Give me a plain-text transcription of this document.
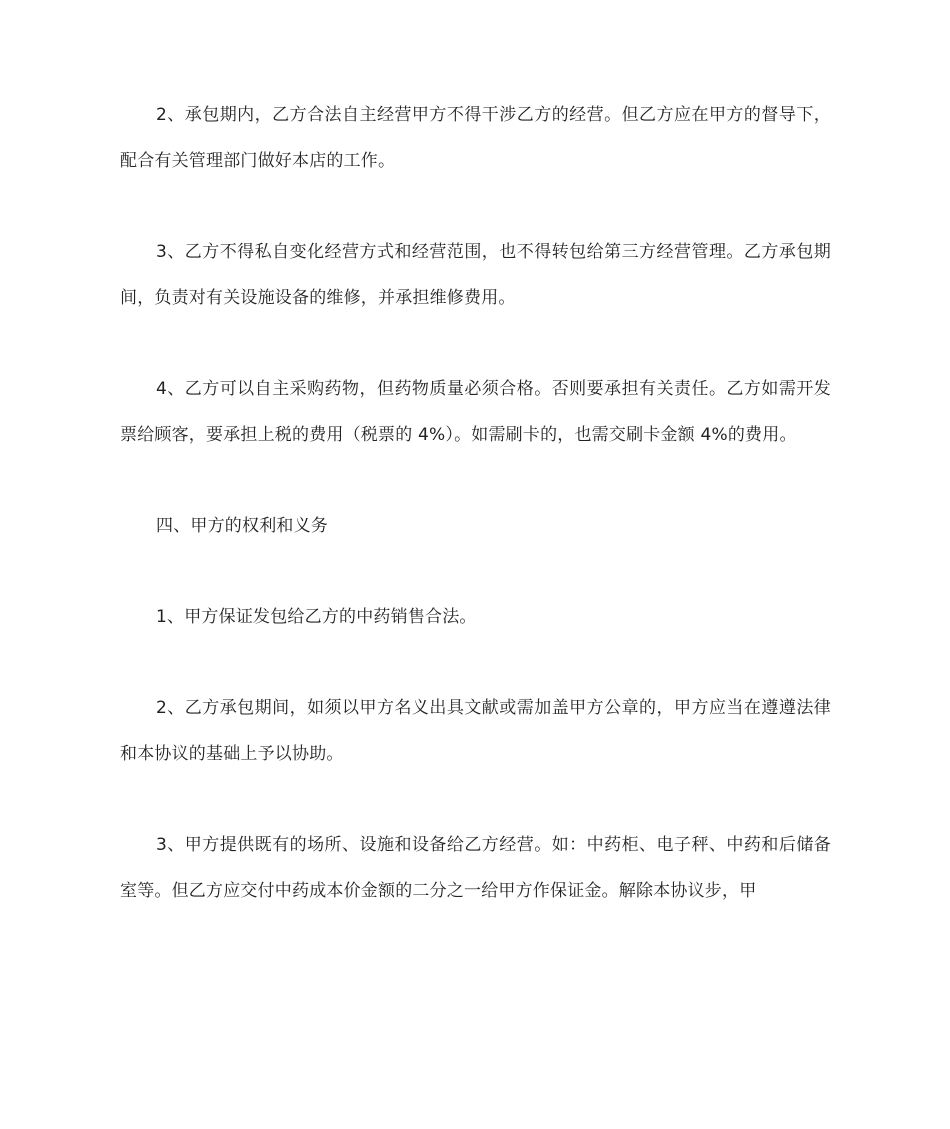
2、承包期内，乙方合法自主经营甲方不得干涉乙方的经营。但乙方应在甲方的督导下，配合有关管理部门做好本店的工作。

3、乙方不得私自变化经营方式和经营范围，也不得转包给第三方经营管理。乙方承包期间，负责对有关设施设备的维修，并承担维修费用。

4、乙方可以自主采购药物，但药物质量必须合格。否则要承担有关责任。乙方如需开发票给顾客，要承担上税的费用（税票的 4%）。如需刷卡的，也需交刷卡金额 4%的费用。

四、甲方的权利和义务

1、甲方保证发包给乙方的中药销售合法。

2、乙方承包期间，如须以甲方名义出具文献或需加盖甲方公章的，甲方应当在遵遵法律和本协议的基础上予以协助。

3、甲方提供既有的场所、设施和设备给乙方经营。如：中药柜、电子秤、中药和后储备室等。但乙方应交付中药成本价金额的二分之一给甲方作保证金。解除本协议步，甲
